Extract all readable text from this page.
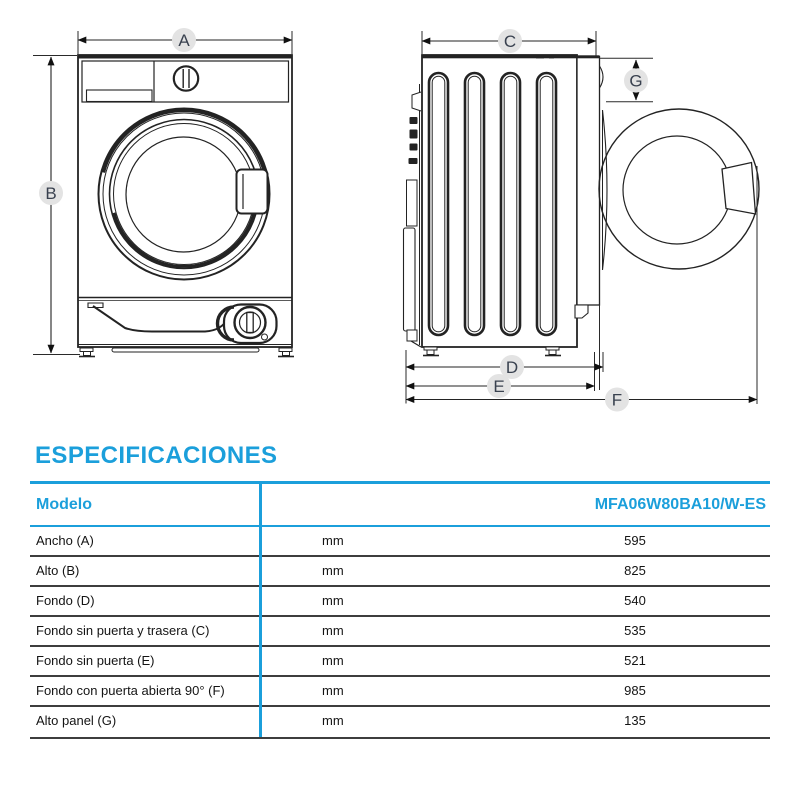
A
B
C
G
D
E
F
ESPECIFICACIONES
Modelo	MFA06W80BA10/W-ES
Ancho (A)	mm	595
Alto (B)	mm	825
Fondo (D)	mm	540
Fondo sin puerta y trasera (C)	mm	535
Fondo sin puerta (E)	mm	521
Fondo con puerta abierta 90° (F)	mm	985
Alto panel (G)	mm	135
